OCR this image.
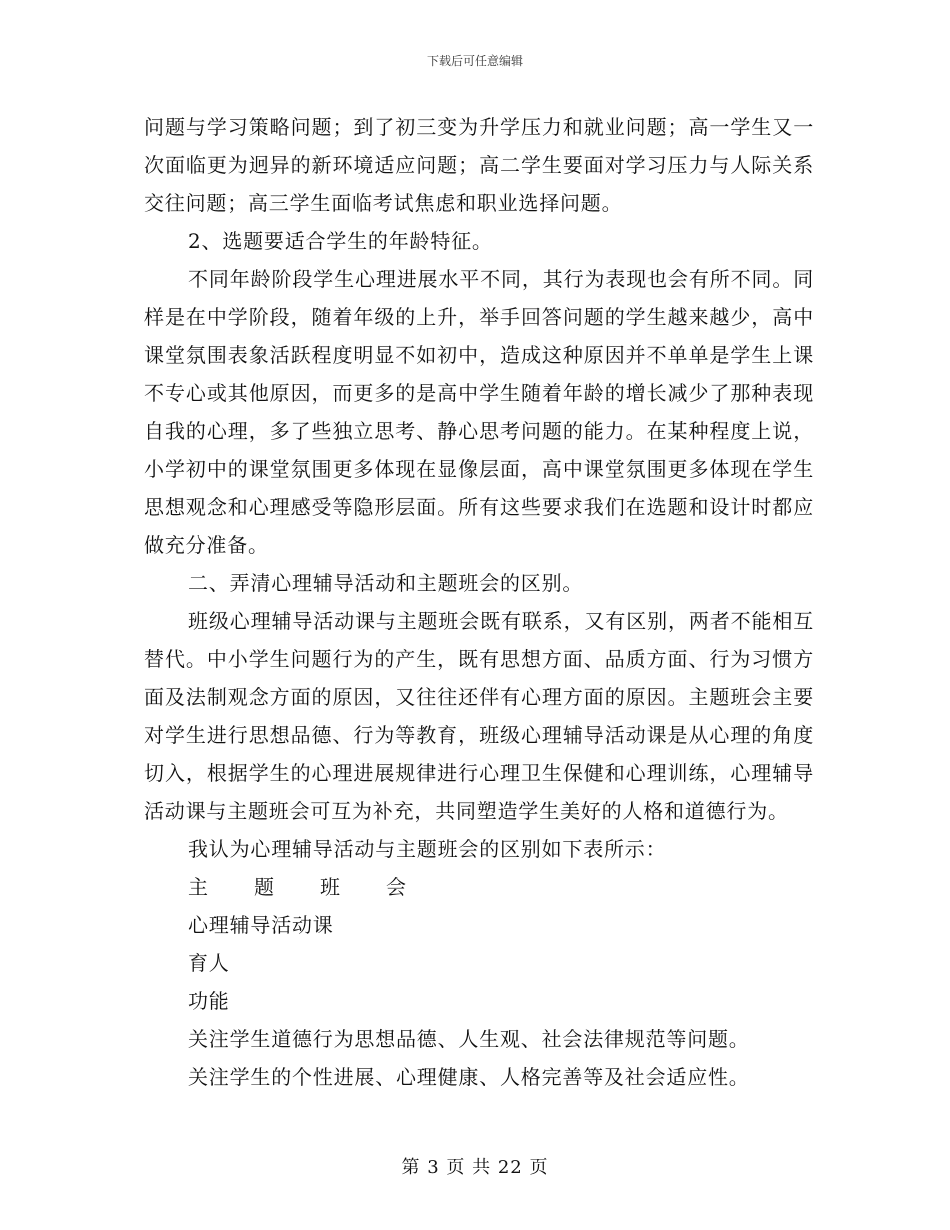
下载后可任意编辑

问题与学习策略问题；到了初三变为升学压力和就业问题；高一学生又一次面临更为迥异的新环境适应问题；高二学生要面对学习压力与人际关系交往问题；高三学生面临考试焦虑和职业选择问题。

2、选题要适合学生的年龄特征。

不同年龄阶段学生心理进展水平不同，其行为表现也会有所不同。同样是在中学阶段，随着年级的上升，举手回答问题的学生越来越少，高中课堂氛围表象活跃程度明显不如初中，造成这种原因并不单单是学生上课不专心或其他原因，而更多的是高中学生随着年龄的增长减少了那种表现自我的心理，多了些独立思考、静心思考问题的能力。在某种程度上说，小学初中的课堂氛围更多体现在显像层面，高中课堂氛围更多体现在学生思想观念和心理感受等隐形层面。所有这些要求我们在选题和设计时都应做充分准备。

二、弄清心理辅导活动和主题班会的区别。

班级心理辅导活动课与主题班会既有联系，又有区别，两者不能相互替代。中小学生问题行为的产生，既有思想方面、品质方面、行为习惯方面及法制观念方面的原因，又往往还伴有心理方面的原因。主题班会主要对学生进行思想品德、行为等教育，班级心理辅导活动课是从心理的角度切入，根据学生的心理进展规律进行心理卫生保健和心理训练，心理辅导活动课与主题班会可互为补充，共同塑造学生美好的人格和道德行为。

我认为心理辅导活动与主题班会的区别如下表所示：

主 题 班 会

心理辅导活动课

育人

功能

关注学生道德行为思想品德、人生观、社会法律规范等问题。

关注学生的个性进展、心理健康、人格完善等及社会适应性。

第 3 页 共 22 页
